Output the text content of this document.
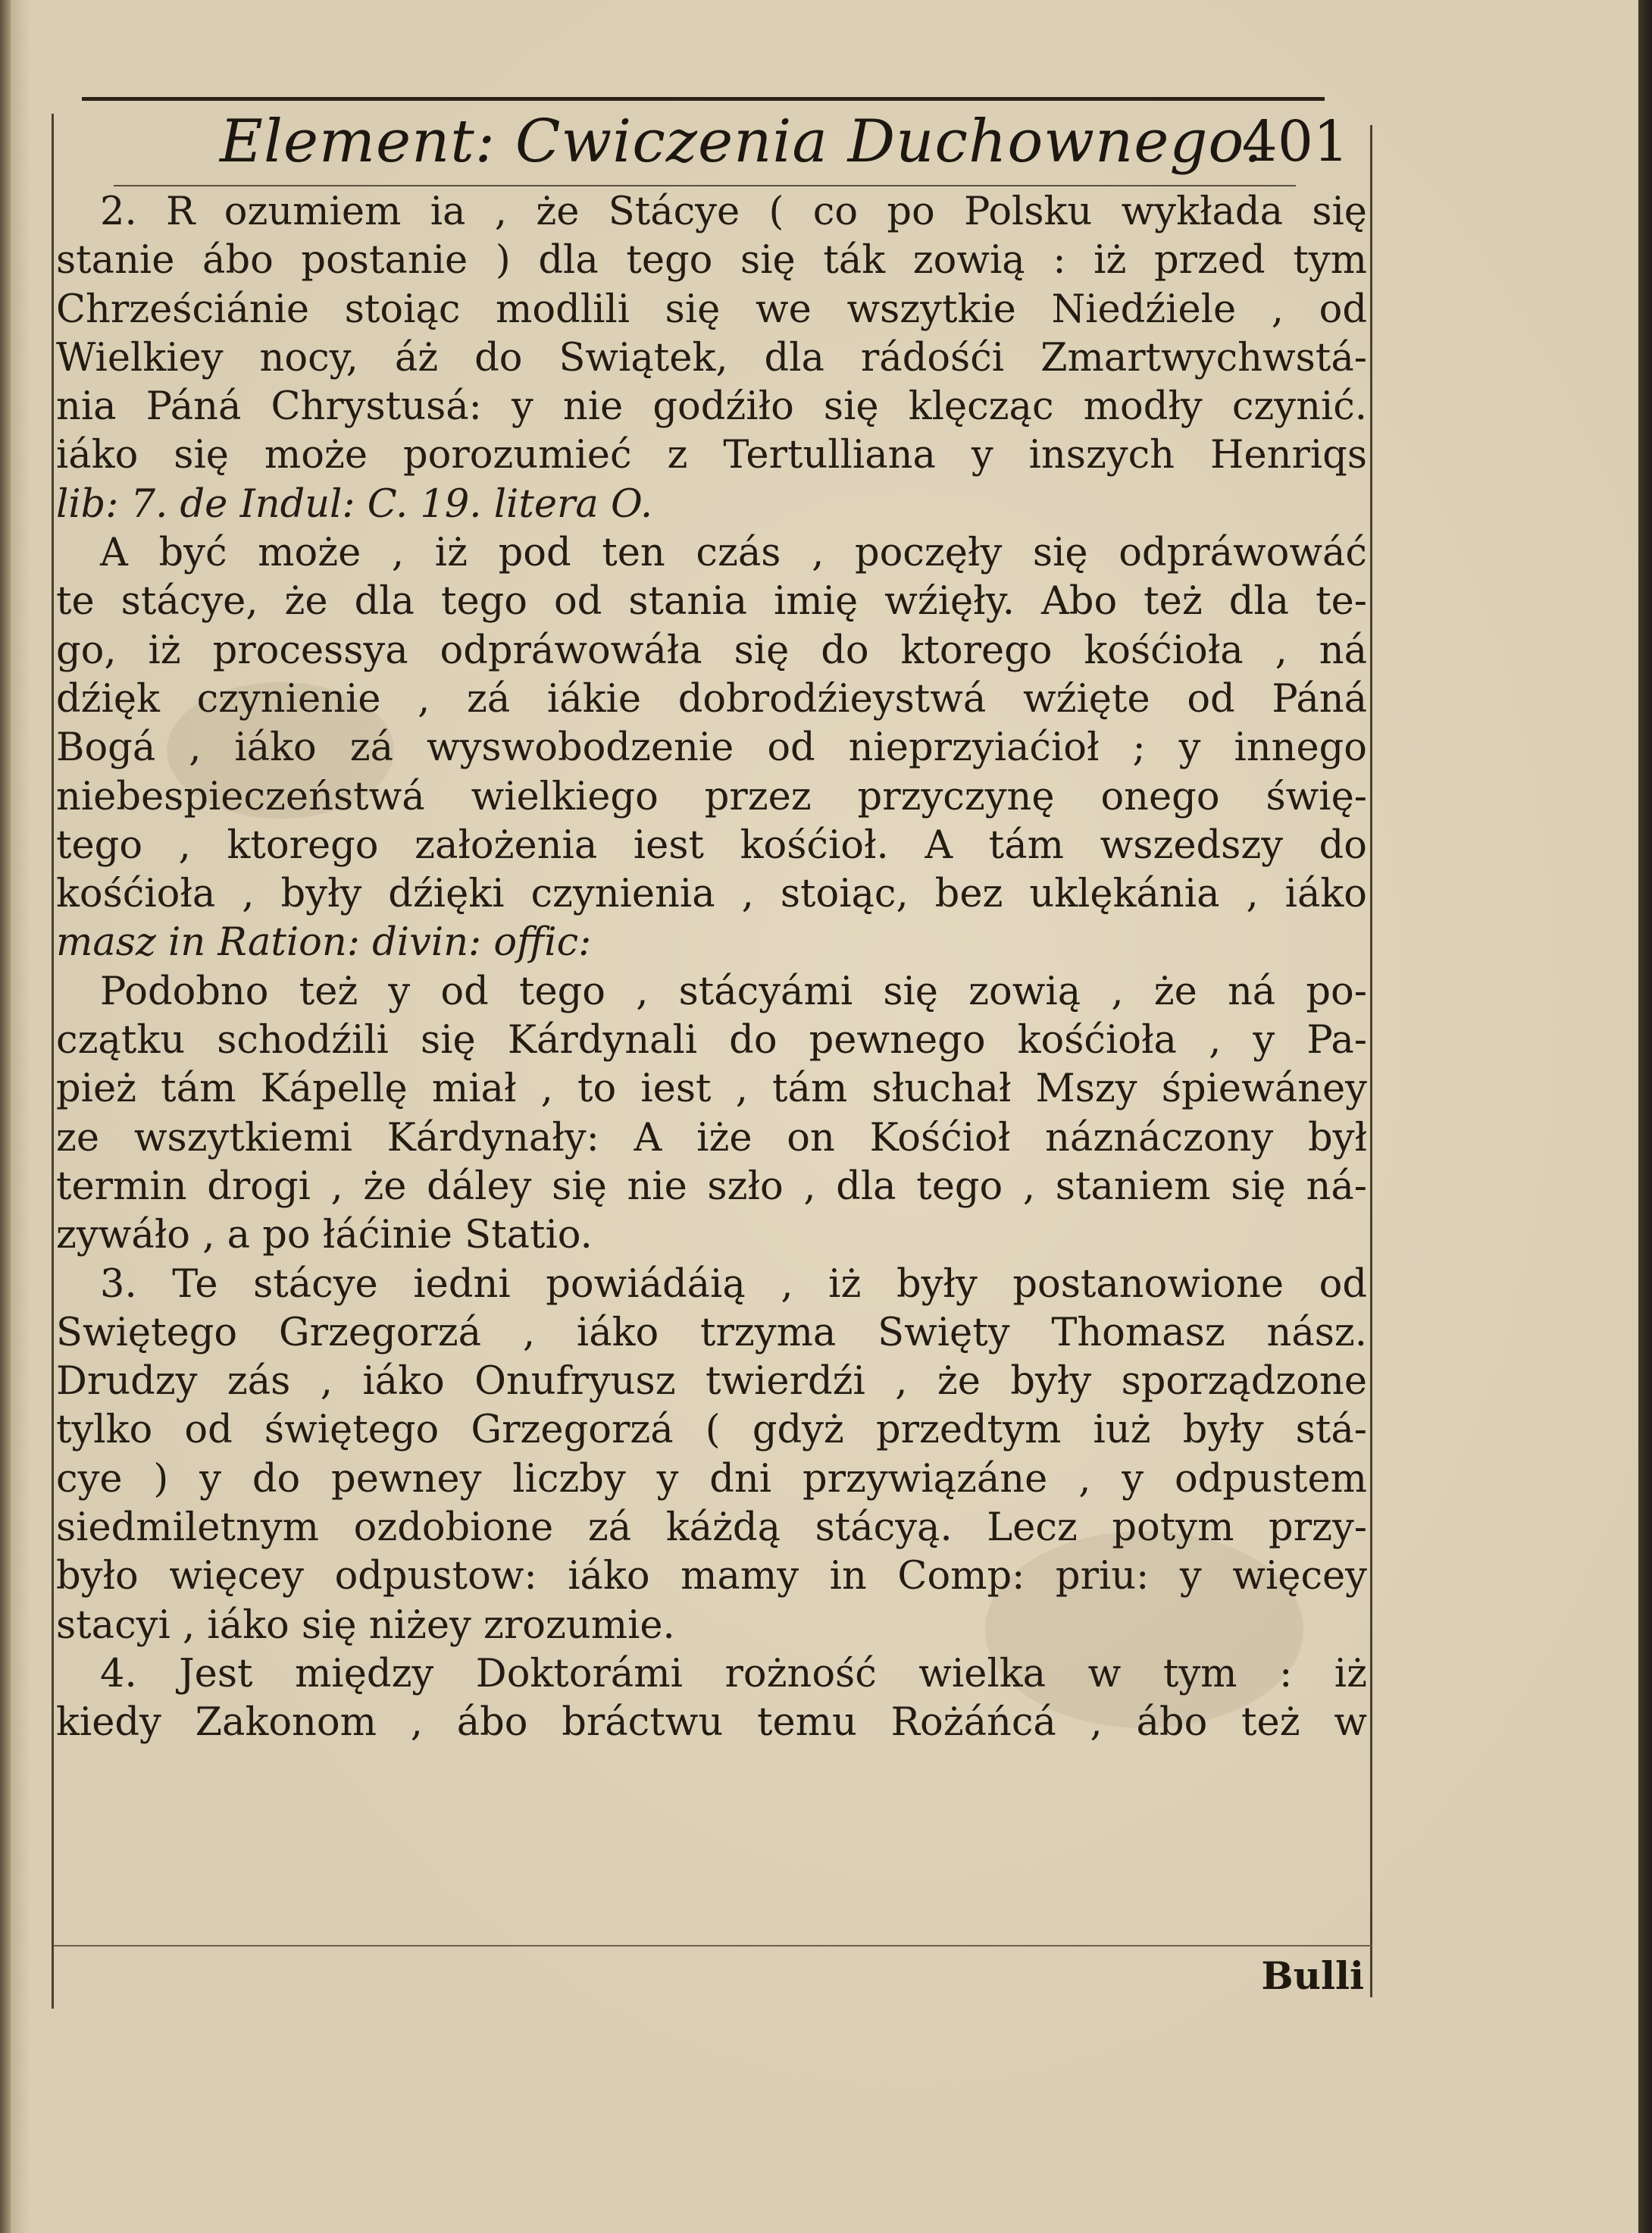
Element: Cwiczenia Duchownego.
401
2. R ozumiem ia , że Stácye ( co po Polsku wykłada się
stanie ábo postanie ) dla tego się ták zowią : iż przed tym
Chrześciánie stoiąc modlili się we wszytkie Niedźiele , od
Wielkiey nocy, áż do Swiątek, dla rádośći Zmartwychwstá-
nia Páná Chrystusá: y nie godźiło się klęcząc modły czynić.
iáko się może porozumieć z Tertulliana y inszych Henriqs
lib: 7. de Indul: C. 19. litera O.
A być może , iż pod ten czás , poczęły się odpráwowáć
te stácye, że dla tego od stania imię wźięły. Abo też dla te-
go, iż processya odpráwowáła się do ktorego kośćioła , ná
dźięk czynienie , zá iákie dobrodźieystwá wźięte od Páná
Bogá , iáko zá wyswobodzenie od nieprzyiaćioł ; y innego
niebespieczeństwá wielkiego przez przyczynę onego świę-
tego , ktorego założenia iest kośćioł. A tám wszedszy do
kośćioła , były dźięki czynienia , stoiąc, bez uklękánia , iáko
masz in Ration: divin: offic:
Podobno też y od tego , stácyámi się zowią , że ná po-
czątku schodźili się Kárdynali do pewnego kośćioła , y Pa-
pież tám Kápellę miał , to iest , tám słuchał Mszy śpiewáney
ze wszytkiemi Kárdynały: A iże on Kośćioł náznáczony był
termin drogi , że dáley się nie szło , dla tego , staniem się ná-
zywáło , a po łáćinie Statio.
3. Te stácye iedni powiádáią , iż były postanowione od
Swiętego Grzegorzá , iáko trzyma Swięty Thomasz nász.
Drudzy zás , iáko Onufryusz twierdźi , że były sporządzone
tylko od świętego Grzegorzá ( gdyż przedtym iuż były stá-
cye ) y do pewney liczby y dni przywiązáne , y odpustem
siedmiletnym ozdobione zá káżdą stácyą. Lecz potym przy-
było więcey odpustow: iáko mamy in Comp: priu: y więcey
stacyi , iáko się niżey zrozumie.
4. Jest między Doktorámi rożność wielka w tym : iż
kiedy Zakonom , ábo bráctwu temu Rożáńcá , ábo też w
Bulli
